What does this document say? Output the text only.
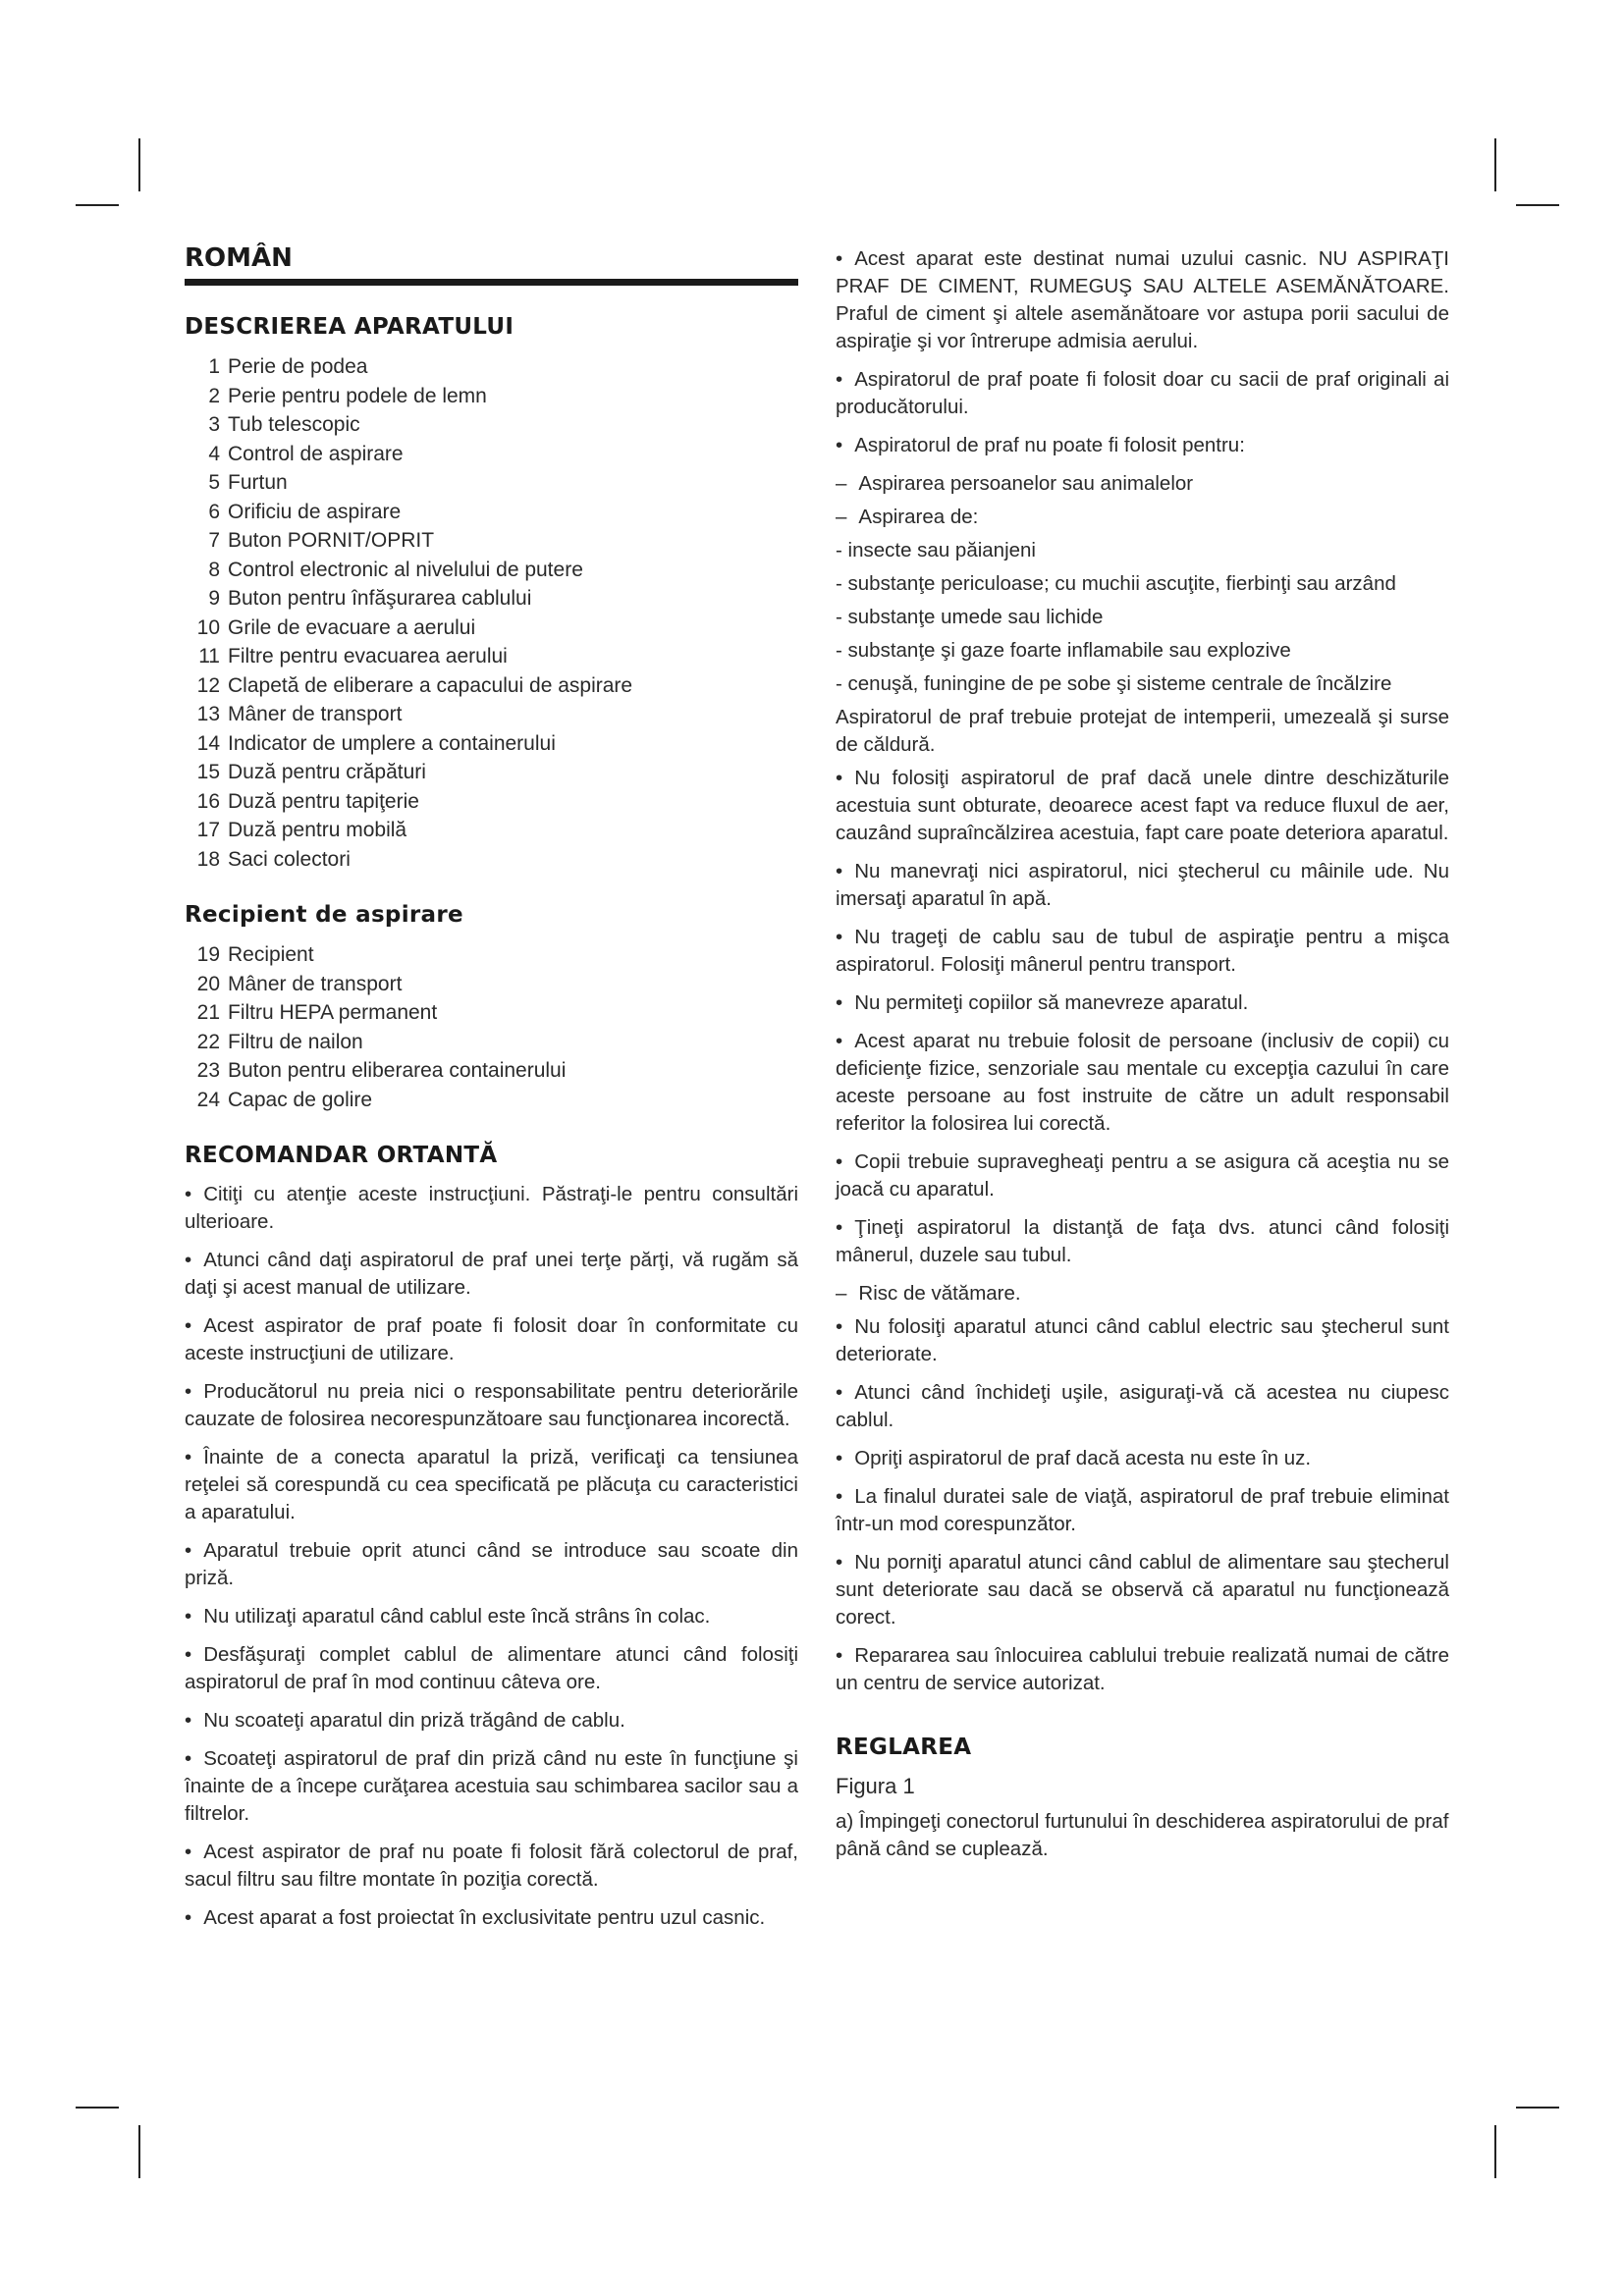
ROMÂN
DESCRIEREA APARATULUI
1 Perie de podea
2 Perie pentru podele de lemn
3 Tub telescopic
4 Control de aspirare
5 Furtun
6 Orificiu de aspirare
7 Buton PORNIT/OPRIT
8 Control electronic al nivelului de putere
9 Buton pentru înfăşurarea cablului
10 Grile de evacuare a aerului
11 Filtre pentru evacuarea aerului
12 Clapetă de eliberare a capacului de aspirare
13 Mâner de transport
14 Indicator de umplere a containerului
15 Duză pentru crăpături
16 Duză pentru tapiţerie
17 Duză pentru mobilă
18 Saci colectori
Recipient de aspirare
19 Recipient
20 Mâner de transport
21 Filtru HEPA permanent
22 Filtru de nailon
23 Buton pentru eliberarea containerului
24 Capac de golire
RECOMANDAR ORTANTĂ

• Citiţi cu atenţie aceste instrucţiuni. Păstraţi-le pentru consultări ulterioare.

• Atunci când daţi aspiratorul de praf unei terţe părţi, vă rugăm să daţi şi acest manual de utilizare.

• Acest aspirator de praf poate fi folosit doar în conformitate cu aceste instrucţiuni de utilizare.

• Producătorul nu preia nici o responsabilitate pentru deteriorările cauzate de folosirea necorespunzătoare sau funcţionarea incorectă.

• Înainte de a conecta aparatul la priză, verificaţi ca tensiunea reţelei să corespundă cu cea specificată pe plăcuţa cu caracteristici a aparatului.

• Aparatul trebuie oprit atunci când se introduce sau scoate din priză.

• Nu utilizaţi aparatul când cablul este încă strâns în colac.

• Desfăşuraţi complet cablul de alimentare atunci când folosiţi aspiratorul de praf în mod continuu câteva ore.

• Nu scoateţi aparatul din priză trăgând de cablu.

• Scoateţi aspiratorul de praf din priză când nu este în funcţiune şi înainte de a începe curăţarea acestuia sau schimbarea sacilor sau a filtrelor.

• Acest aspirator de praf nu poate fi folosit fără colectorul de praf, sacul filtru sau filtre montate în poziţia corectă.

• Acest aparat a fost proiectat în exclusivitate pentru uzul casnic.

• Acest aparat este destinat numai uzului casnic. NU ASPIRAŢI PRAF DE CIMENT, RUMEGUŞ SAU ALTELE ASEMĂNĂTOARE. Praful de ciment şi altele asemănătoare vor astupa porii sacului de aspiraţie şi vor întrerupe admisia aerului.

• Aspiratorul de praf poate fi folosit doar cu sacii de praf originali ai producătorului.

• Aspiratorul de praf nu poate fi folosit pentru:

– Aspirarea persoanelor sau animalelor

– Aspirarea de:

- insecte sau păianjeni

- substanţe periculoase; cu muchii ascuţite, fierbinţi sau arzând

- substanţe umede sau lichide

- substanţe şi gaze foarte inflamabile sau explozive

- cenuşă, funingine de pe sobe şi sisteme centrale de încălzire

Aspiratorul de praf trebuie protejat de intemperii, umezeală şi surse de căldură.

• Nu folosiţi aspiratorul de praf dacă unele dintre deschizăturile acestuia sunt obturate, deoarece acest fapt va reduce fluxul de aer, cauzând supraîncălzirea acestuia, fapt care poate deteriora aparatul.

• Nu manevraţi nici aspiratorul, nici ştecherul cu mâinile ude. Nu imersaţi aparatul în apă.

• Nu trageţi de cablu sau de tubul de aspiraţie pentru a mişca aspiratorul. Folosiţi mânerul pentru transport.

• Nu permiteţi copiilor să manevreze aparatul.

• Acest aparat nu trebuie folosit de persoane (inclusiv de copii) cu deficienţe fizice, senzoriale sau mentale cu excepţia cazului în care aceste persoane au fost instruite de către un adult responsabil referitor la folosirea lui corectă.

• Copii trebuie supravegheaţi pentru a se asigura că aceştia nu se joacă cu aparatul.

• Ţineţi aspiratorul la distanţă de faţa dvs. atunci când folosiţi mânerul, duzele sau tubul.

– Risc de vătămare.

• Nu folosiţi aparatul atunci când cablul electric sau ştecherul sunt deteriorate.

• Atunci când închideţi uşile, asiguraţi-vă că acestea nu ciupesc cablul.

• Opriţi aspiratorul de praf dacă acesta nu este în uz.

• La finalul duratei sale de viaţă, aspiratorul de praf trebuie eliminat într-un mod corespunzător.

• Nu porniţi aparatul atunci când cablul de alimentare sau ştecherul sunt deteriorate sau dacă se observă că aparatul nu funcţionează corect.

• Repararea sau înlocuirea cablului trebuie realizată numai de către un centru de service autorizat.

REGLAREA

Figura 1

a) Împingeţi conectorul furtunului în deschiderea aspiratorului de praf până când se cuplează.
